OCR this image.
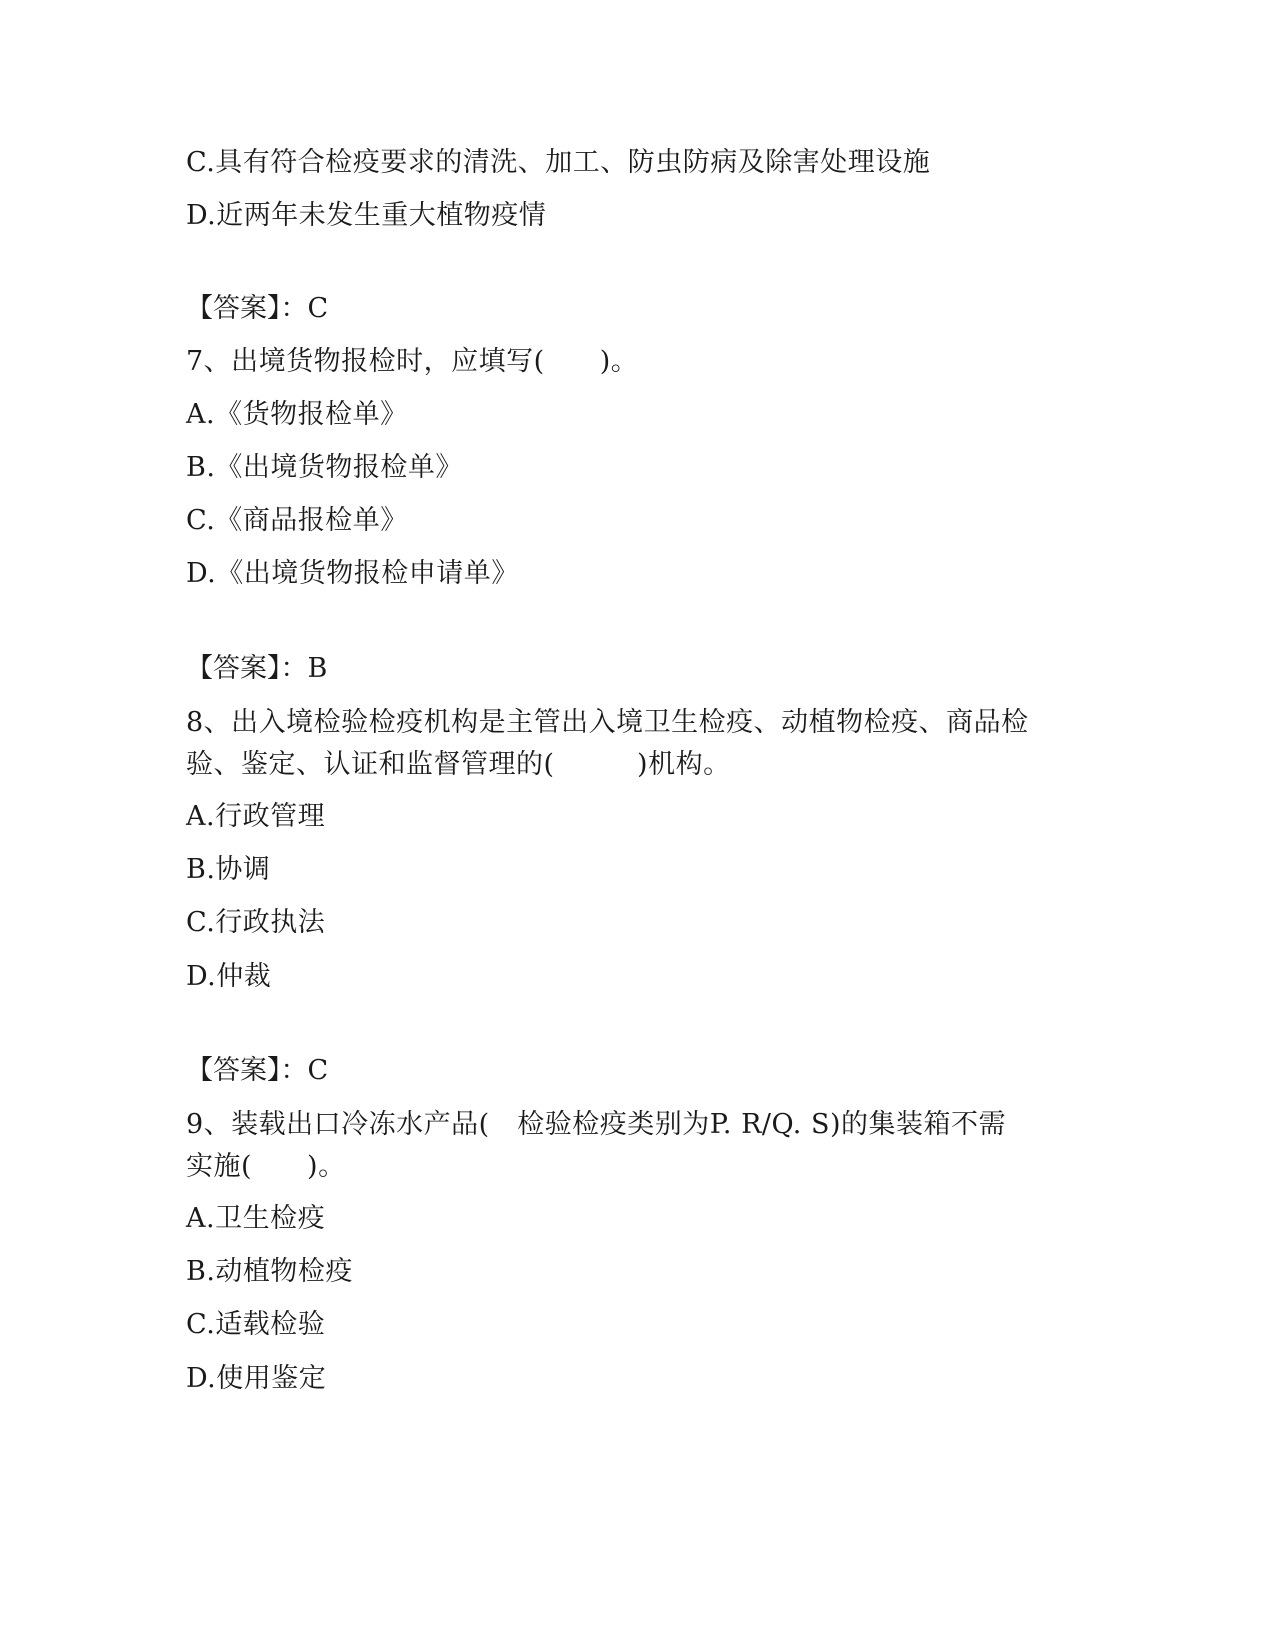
C.具有符合检疫要求的清洗、加工、防虫防病及除害处理设施
D.近两年未发生重大植物疫情
【答案】：C
7、出境货物报检时，应填写(　　)。
A.《货物报检单》
B.《出境货物报检单》
C.《商品报检单》
D.《出境货物报检申请单》
【答案】：B
8、出入境检验检疫机构是主管出入境卫生检疫、动植物检疫、商品检
验、鉴定、认证和监督管理的(　　　)机构。
A.行政管理
B.协调
C.行政执法
D.仲裁
【答案】：C
9、装载出口冷冻水产品(　检验检疫类别为P. R/Q. S)的集装箱不需
实施(　　)。
A.卫生检疫
B.动植物检疫
C.适载检验
D.使用鉴定
